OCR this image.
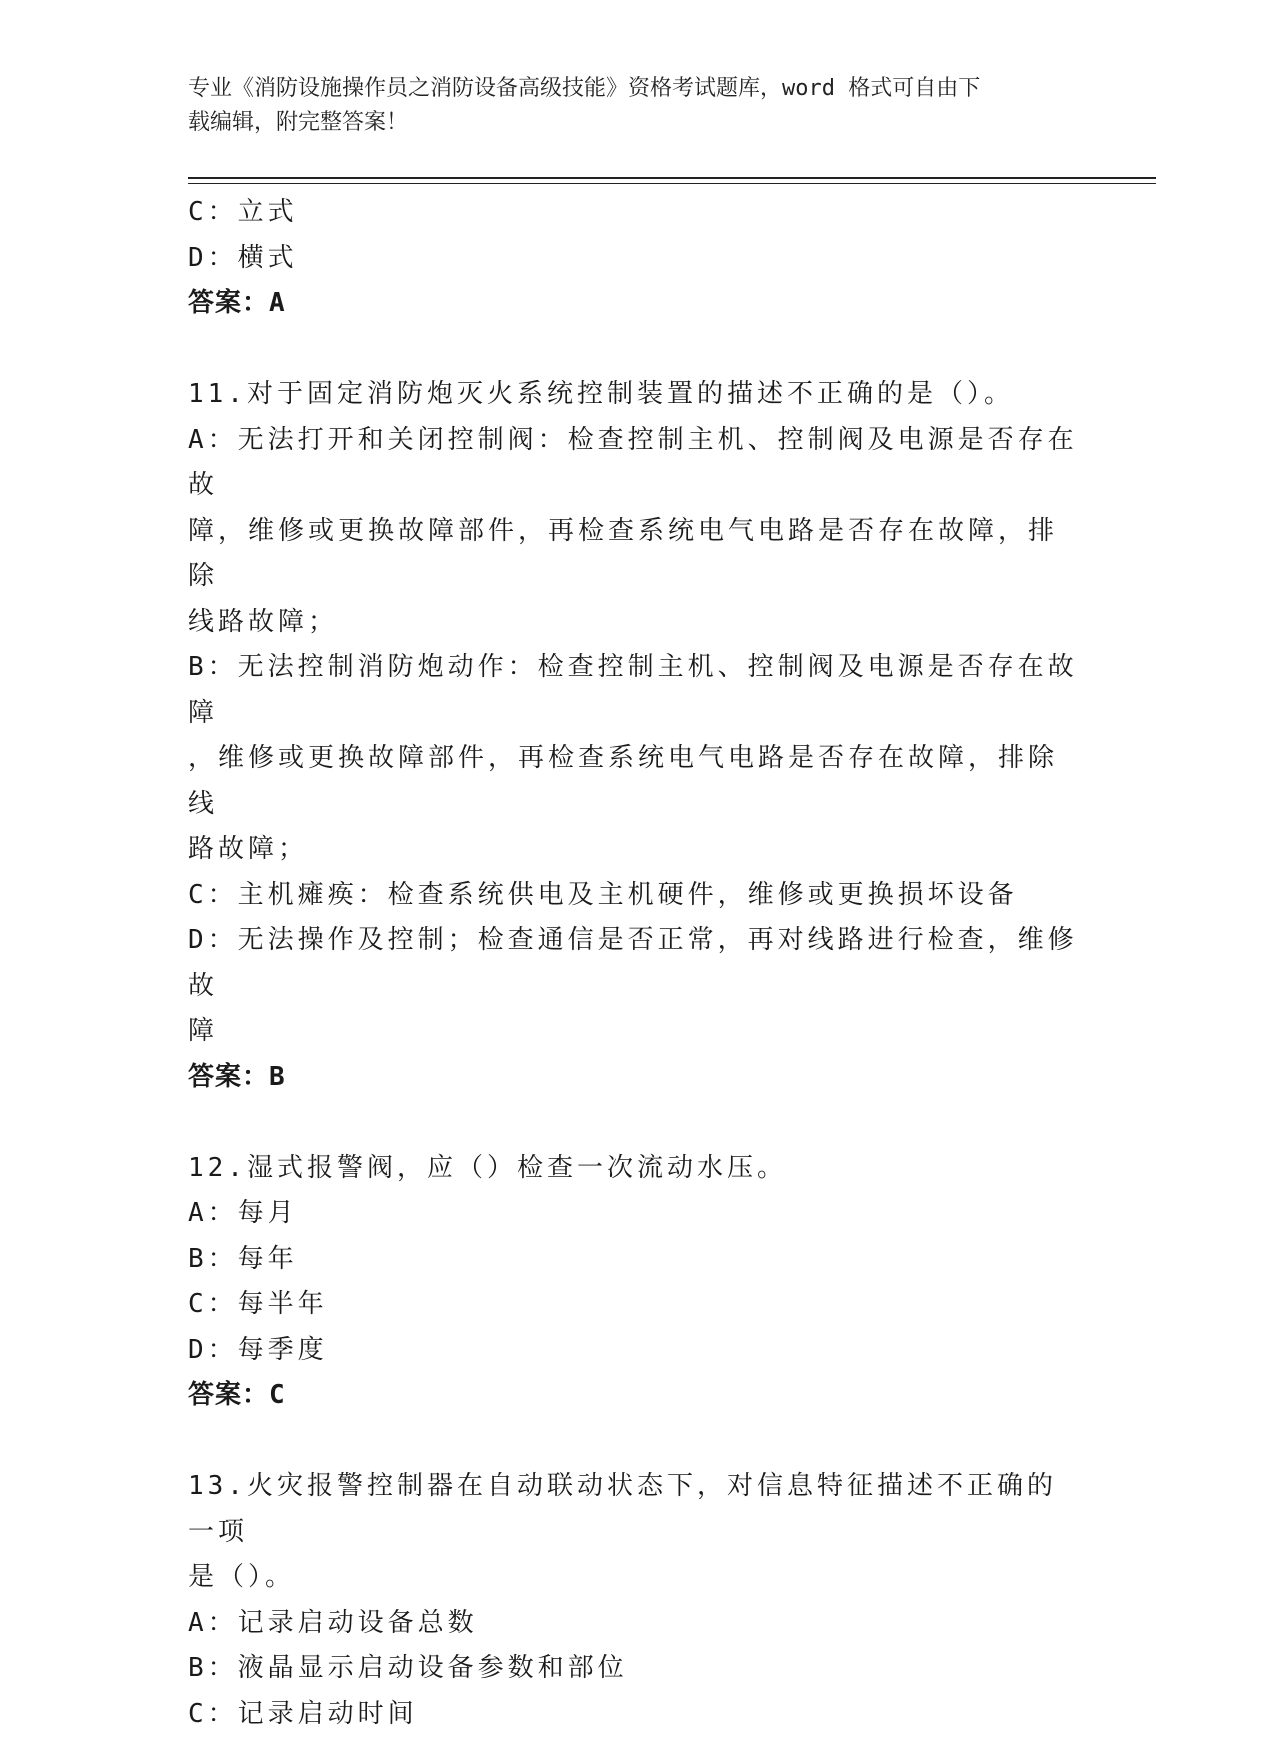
专业《消防设施操作员之消防设备高级技能》资格考试题库，word 格式可自由下
载编辑，附完整答案！
C：立式
D：横式
答案：A
11.对于固定消防炮灭火系统控制装置的描述不正确的是（）。
A：无法打开和关闭控制阀：检查控制主机、控制阀及电源是否存在故
障，维修或更换故障部件，再检查系统电气电路是否存在故障，排除
线路故障；
B：无法控制消防炮动作：检查控制主机、控制阀及电源是否存在故障
，维修或更换故障部件，再检查系统电气电路是否存在故障，排除线
路故障；
C：主机瘫痪：检查系统供电及主机硬件，维修或更换损坏设备
D：无法操作及控制；检查通信是否正常，再对线路进行检查，维修故
障
答案：B
12.湿式报警阀，应（）检查一次流动水压。
A：每月
B：每年
C：每半年
D：每季度
答案：C
13.火灾报警控制器在自动联动状态下，对信息特征描述不正确的一项
是（）。
A：记录启动设备总数
B：液晶显示启动设备参数和部位
C：记录启动时间
